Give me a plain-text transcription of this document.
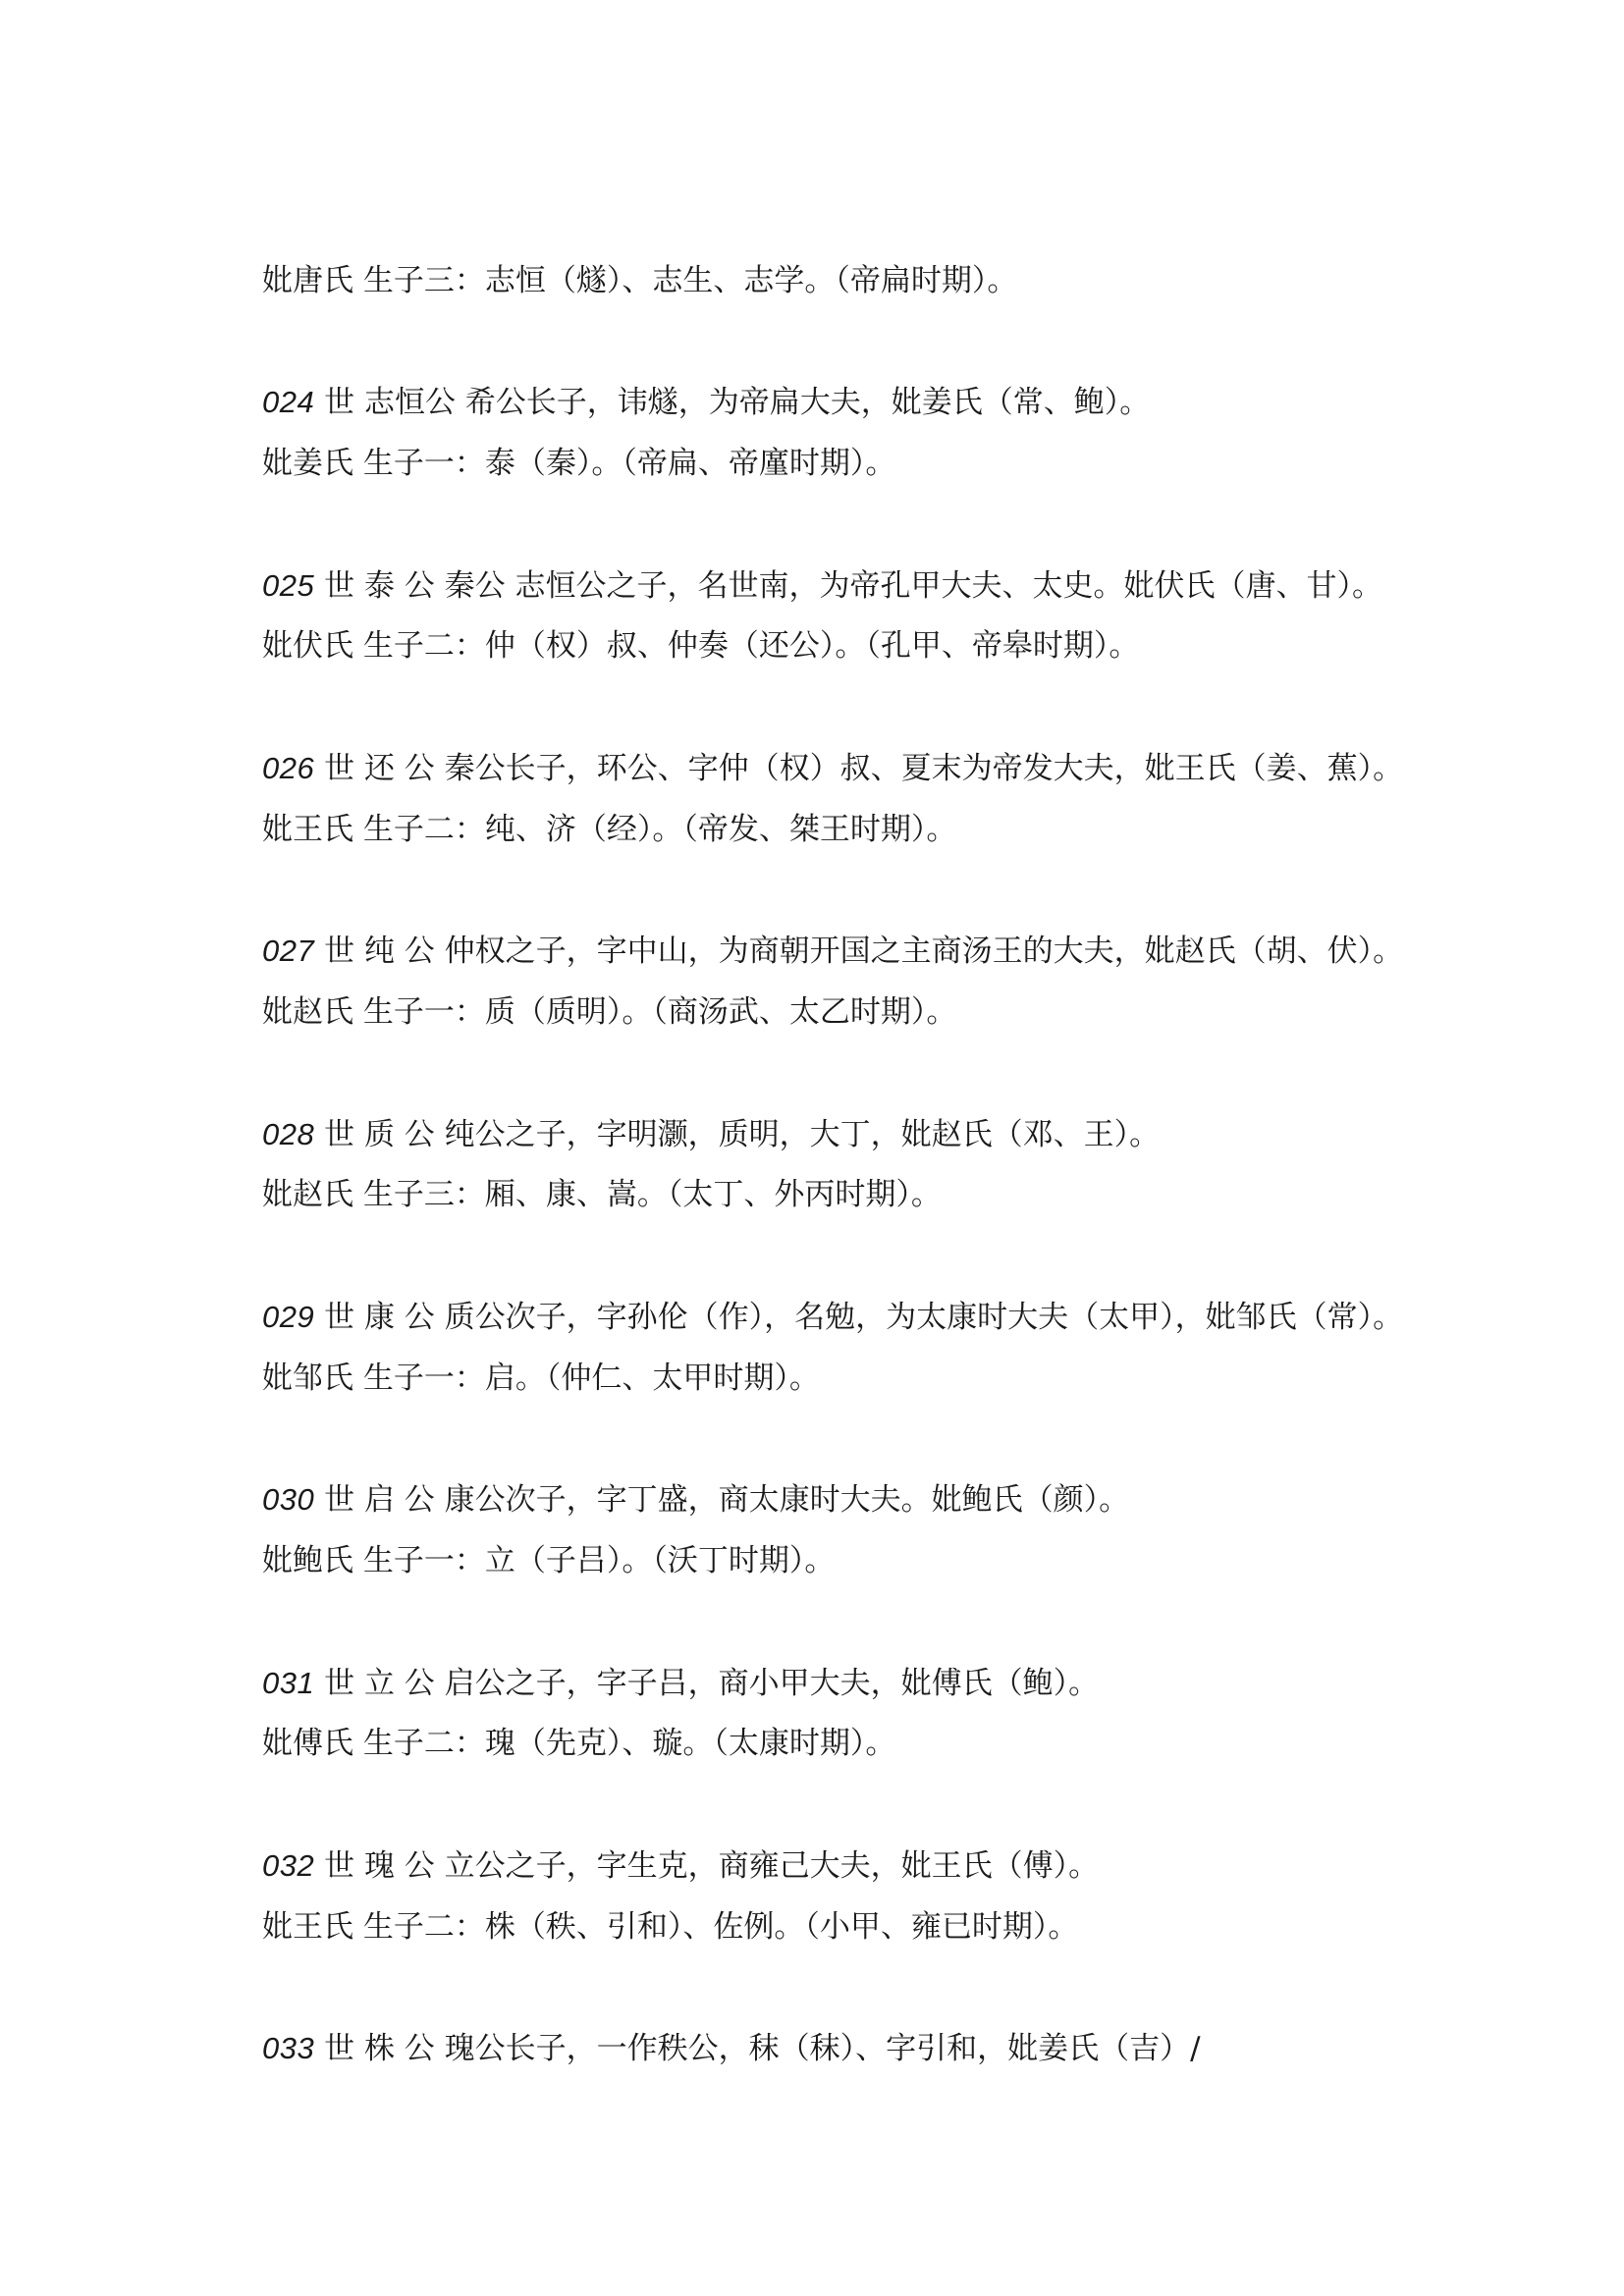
妣唐氏 生子三：志恒（燧）、志生、志学。（帝扁时期）。
024 世 志恒公 希公长子，讳燧，为帝扁大夫，妣姜氏（常、鲍）。
妣姜氏 生子一：泰（秦）。（帝扁、帝廑时期）。
025 世 泰 公 秦公 志恒公之子，名世南，为帝孔甲大夫、太史。妣伏氏（唐、甘）。
妣伏氏 生子二：仲（权）叔、仲奏（还公）。（孔甲、帝皋时期）。
026 世 还 公 秦公长子，环公、字仲（权）叔、夏末为帝发大夫，妣王氏（姜、蕉）。
妣王氏 生子二：纯、济（经）。（帝发、桀王时期）。
027 世 纯 公 仲权之子，字中山，为商朝开国之主商汤王的大夫，妣赵氏（胡、伏）。
妣赵氏 生子一：质（质明）。（商汤武、太乙时期）。
028 世 质 公 纯公之子，字明灏，质明，大丁，妣赵氏（邓、王）。
妣赵氏 生子三：厢、康、嵩。（太丁、外丙时期）。
029 世 康 公 质公次子，字孙伦（作），名勉，为太康时大夫（太甲），妣邹氏（常）。
妣邹氏 生子一：启。（仲仁、太甲时期）。
030 世 启 公 康公次子，字丁盛，商太康时大夫。妣鲍氏（颜）。
妣鲍氏 生子一：立（子吕）。（沃丁时期）。
031 世 立 公 启公之子，字子吕，商小甲大夫，妣傅氏（鲍）。
妣傅氏 生子二：瑰（先克）、璇。（太康时期）。
032 世 瑰 公 立公之子，字生克，商雍己大夫，妣王氏（傅）。
妣王氏 生子二：株（秩、引和）、佐例。（小甲、雍已时期）。
033 世 株 公 瑰公长子，一作秩公，秣（秣）、字引和，妣姜氏（吉）/
